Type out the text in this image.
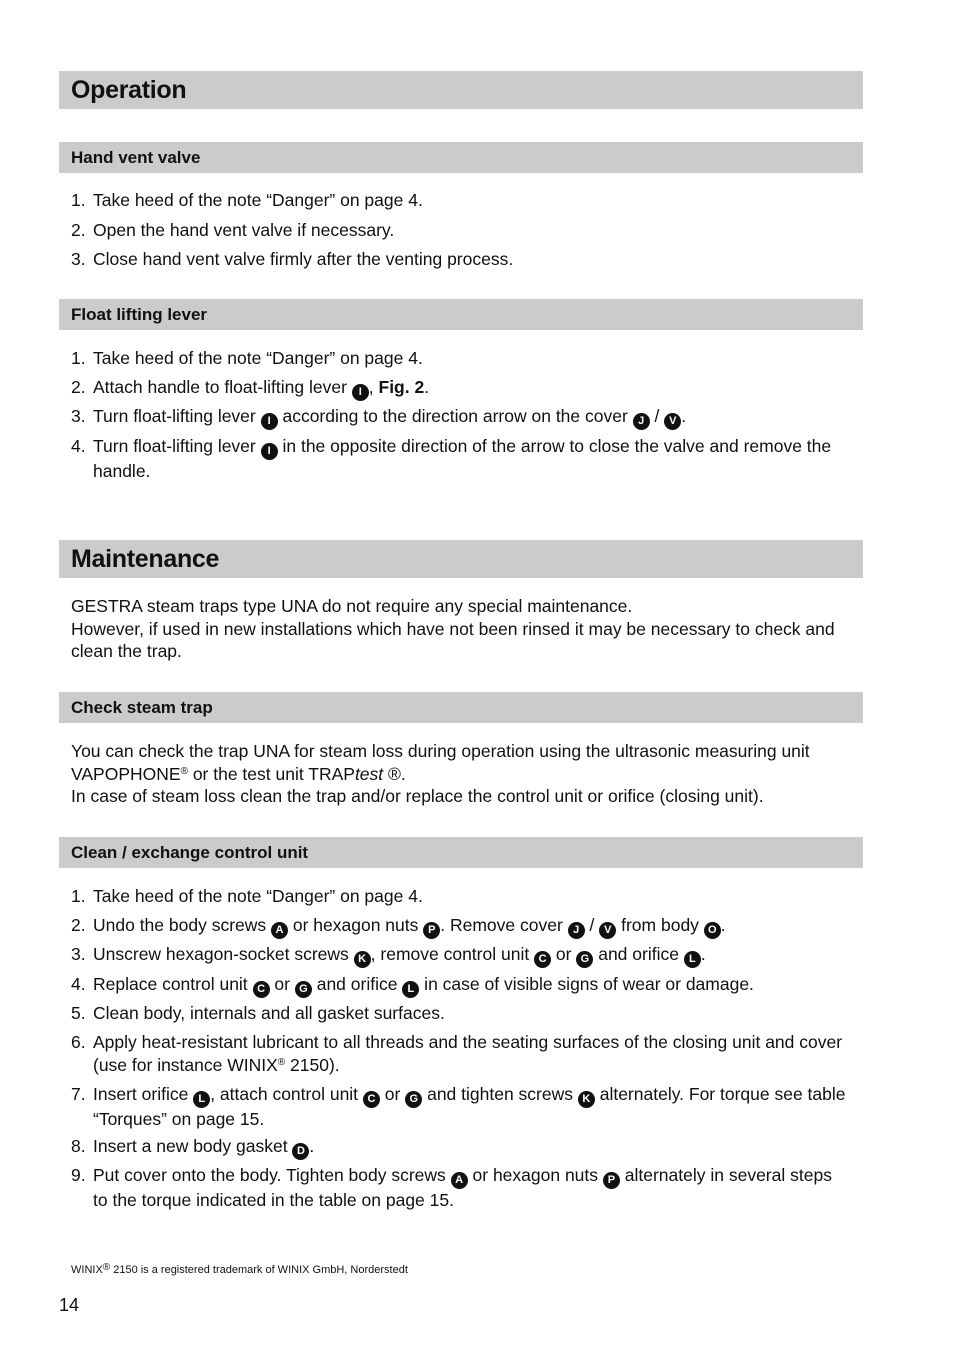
Operation
Hand vent valve
1. Take heed of the note “Danger” on page 4.
2. Open the hand vent valve if necessary.
3. Close hand vent valve firmly after the venting process.
Float lifting lever
1. Take heed of the note “Danger” on page 4.
2. Attach handle to float-lifting lever I , Fig. 2.
3. Turn float-lifting lever I according to the direction arrow on the cover J / V .
4. Turn float-lifting lever I in the opposite direction of the arrow to close the valve and remove the handle.
Maintenance
GESTRA steam traps type UNA do not require any special maintenance.
However, if used in new installations which have not been rinsed it may be necessary to check and clean the trap.
Check steam trap
You can check the trap UNA for steam loss during operation using the ultrasonic measuring unit VAPOPHONE® or the test unit TRAPtest ®.
In case of steam loss clean the trap and/or replace the control unit or orifice (closing unit).
Clean / exchange control unit
1. Take heed of the note “Danger” on page 4.
2. Undo the body screws A or hexagon nuts P . Remove cover J / V from body O .
3. Unscrew hexagon-socket screws K , remove control unit C or G and orifice L .
4. Replace control unit C or G and orifice L in case of visible signs of wear or damage.
5. Clean body, internals and all gasket surfaces.
6. Apply heat-resistant lubricant to all threads and the seating surfaces of the closing unit and cover (use for instance WINIX® 2150).
7. Insert orifice L , attach control unit C or G and tighten screws K alternately. For torque see table “Torques” on page 15.
8. Insert a new body gasket D .
9. Put cover onto the body. Tighten body screws A or hexagon nuts P alternately in several steps to the torque indicated in the table on page 15.
WINIX® 2150 is a registered trademark of WINIX GmbH, Norderstedt
14
